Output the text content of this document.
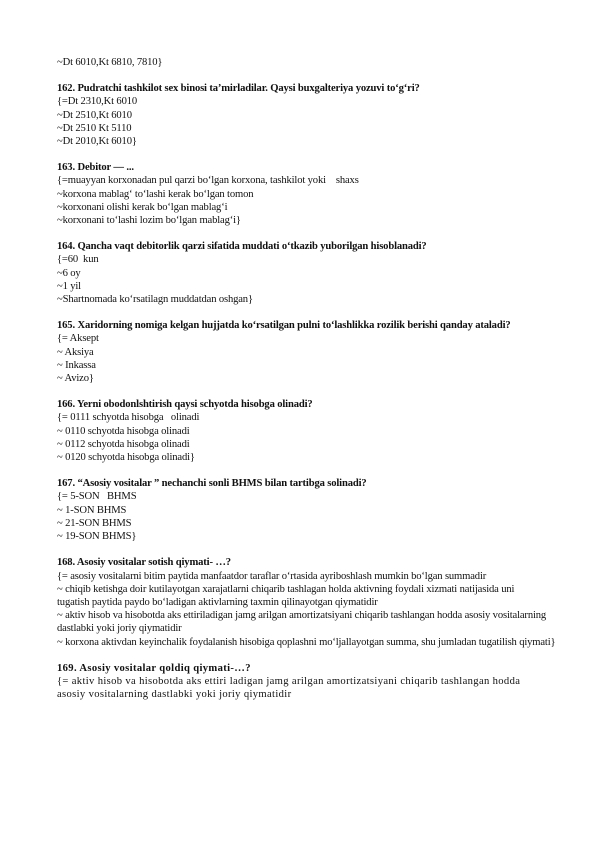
~Dt 6010,Kt 6810, 7810}
162. Pudratchi tashkilot sex binosi ta’mirladilar. Qaysi buxgalteriya yozuvi to‘g‘ri?
{=Dt 2310,Kt 6010
~Dt 2510,Kt 6010
~Dt 2510 Kt 5110
~Dt 2010,Kt 6010}
163. Debitor — ...
{=muayyan korxonadan pul qarzi bo‘lgan korxona, tashkilot yoki    shaxs
~korxona mablag‘ to‘lashi kerak bo‘lgan tomon
~korxonani olishi kerak bo‘lgan mablag‘i
~korxonani to‘lashi lozim bo‘lgan mablag‘i}
164. Qancha vaqt debitorlik qarzi sifatida muddati o‘tkazib yuborilgan hisoblanadi?
{=60  kun
~6 oy
~1 yil
~Shartnomada ko‘rsatilagn muddatdan oshgan}
165. Xaridorning nomiga kelgan hujjatda ko‘rsatilgan pulni to‘lashlikka rozilik berishi qanday ataladi?
{= Aksept
~ Aksiya
~ Inkassa
~ Avizo}
166. Yerni obodonlshtirish qaysi schyotda hisobga olinadi?
{= 0111 schyotda hisobga   olinadi
~ 0110 schyotda hisobga olinadi
~ 0112 schyotda hisobga olinadi
~ 0120 schyotda hisobga olinadi}
167. “Asosiy vositalar ” nechanchi sonli BHMS bilan tartibga solinadi?
{= 5-SON   BHMS
~ 1-SON BHMS
~ 21-SON BHMS
~ 19-SON BHMS}
168. Asosiy vositalar sotish qiymati- …?
{= asosiy vositalarni bitim paytida manfaatdor taraflar o‘rtasida ayriboshlash mumkin bo‘lgan summadir
~ chiqib ketishga doir kutilayotgan xarajatlarni chiqarib tashlagan holda aktivning foydali xizmati natijasida uni tugatish paytida paydo bo‘ladigan aktivlarning taxmin qilinayotgan qiymatidir
~ aktiv hisob va hisobotda aks ettiriladigan jamg arilgan amortizatsiyani chiqarib tashlangan hodda asosiy vositalarning dastlabki yoki joriy qiymatidir
~ korxona aktivdan keyinchalik foydalanish hisobiga qoplashni mo‘ljallayotgan summa, shu jumladan tugatilish qiymati}
169. Asosiy vositalar qoldiq qiymati-…?
{= aktiv hisob va hisobotda aks ettiri ladigan jamg arilgan amortizatsiyani chiqarib tashlangan hodda asosiy vositalarning dastlabki yoki joriy qiymatidir
